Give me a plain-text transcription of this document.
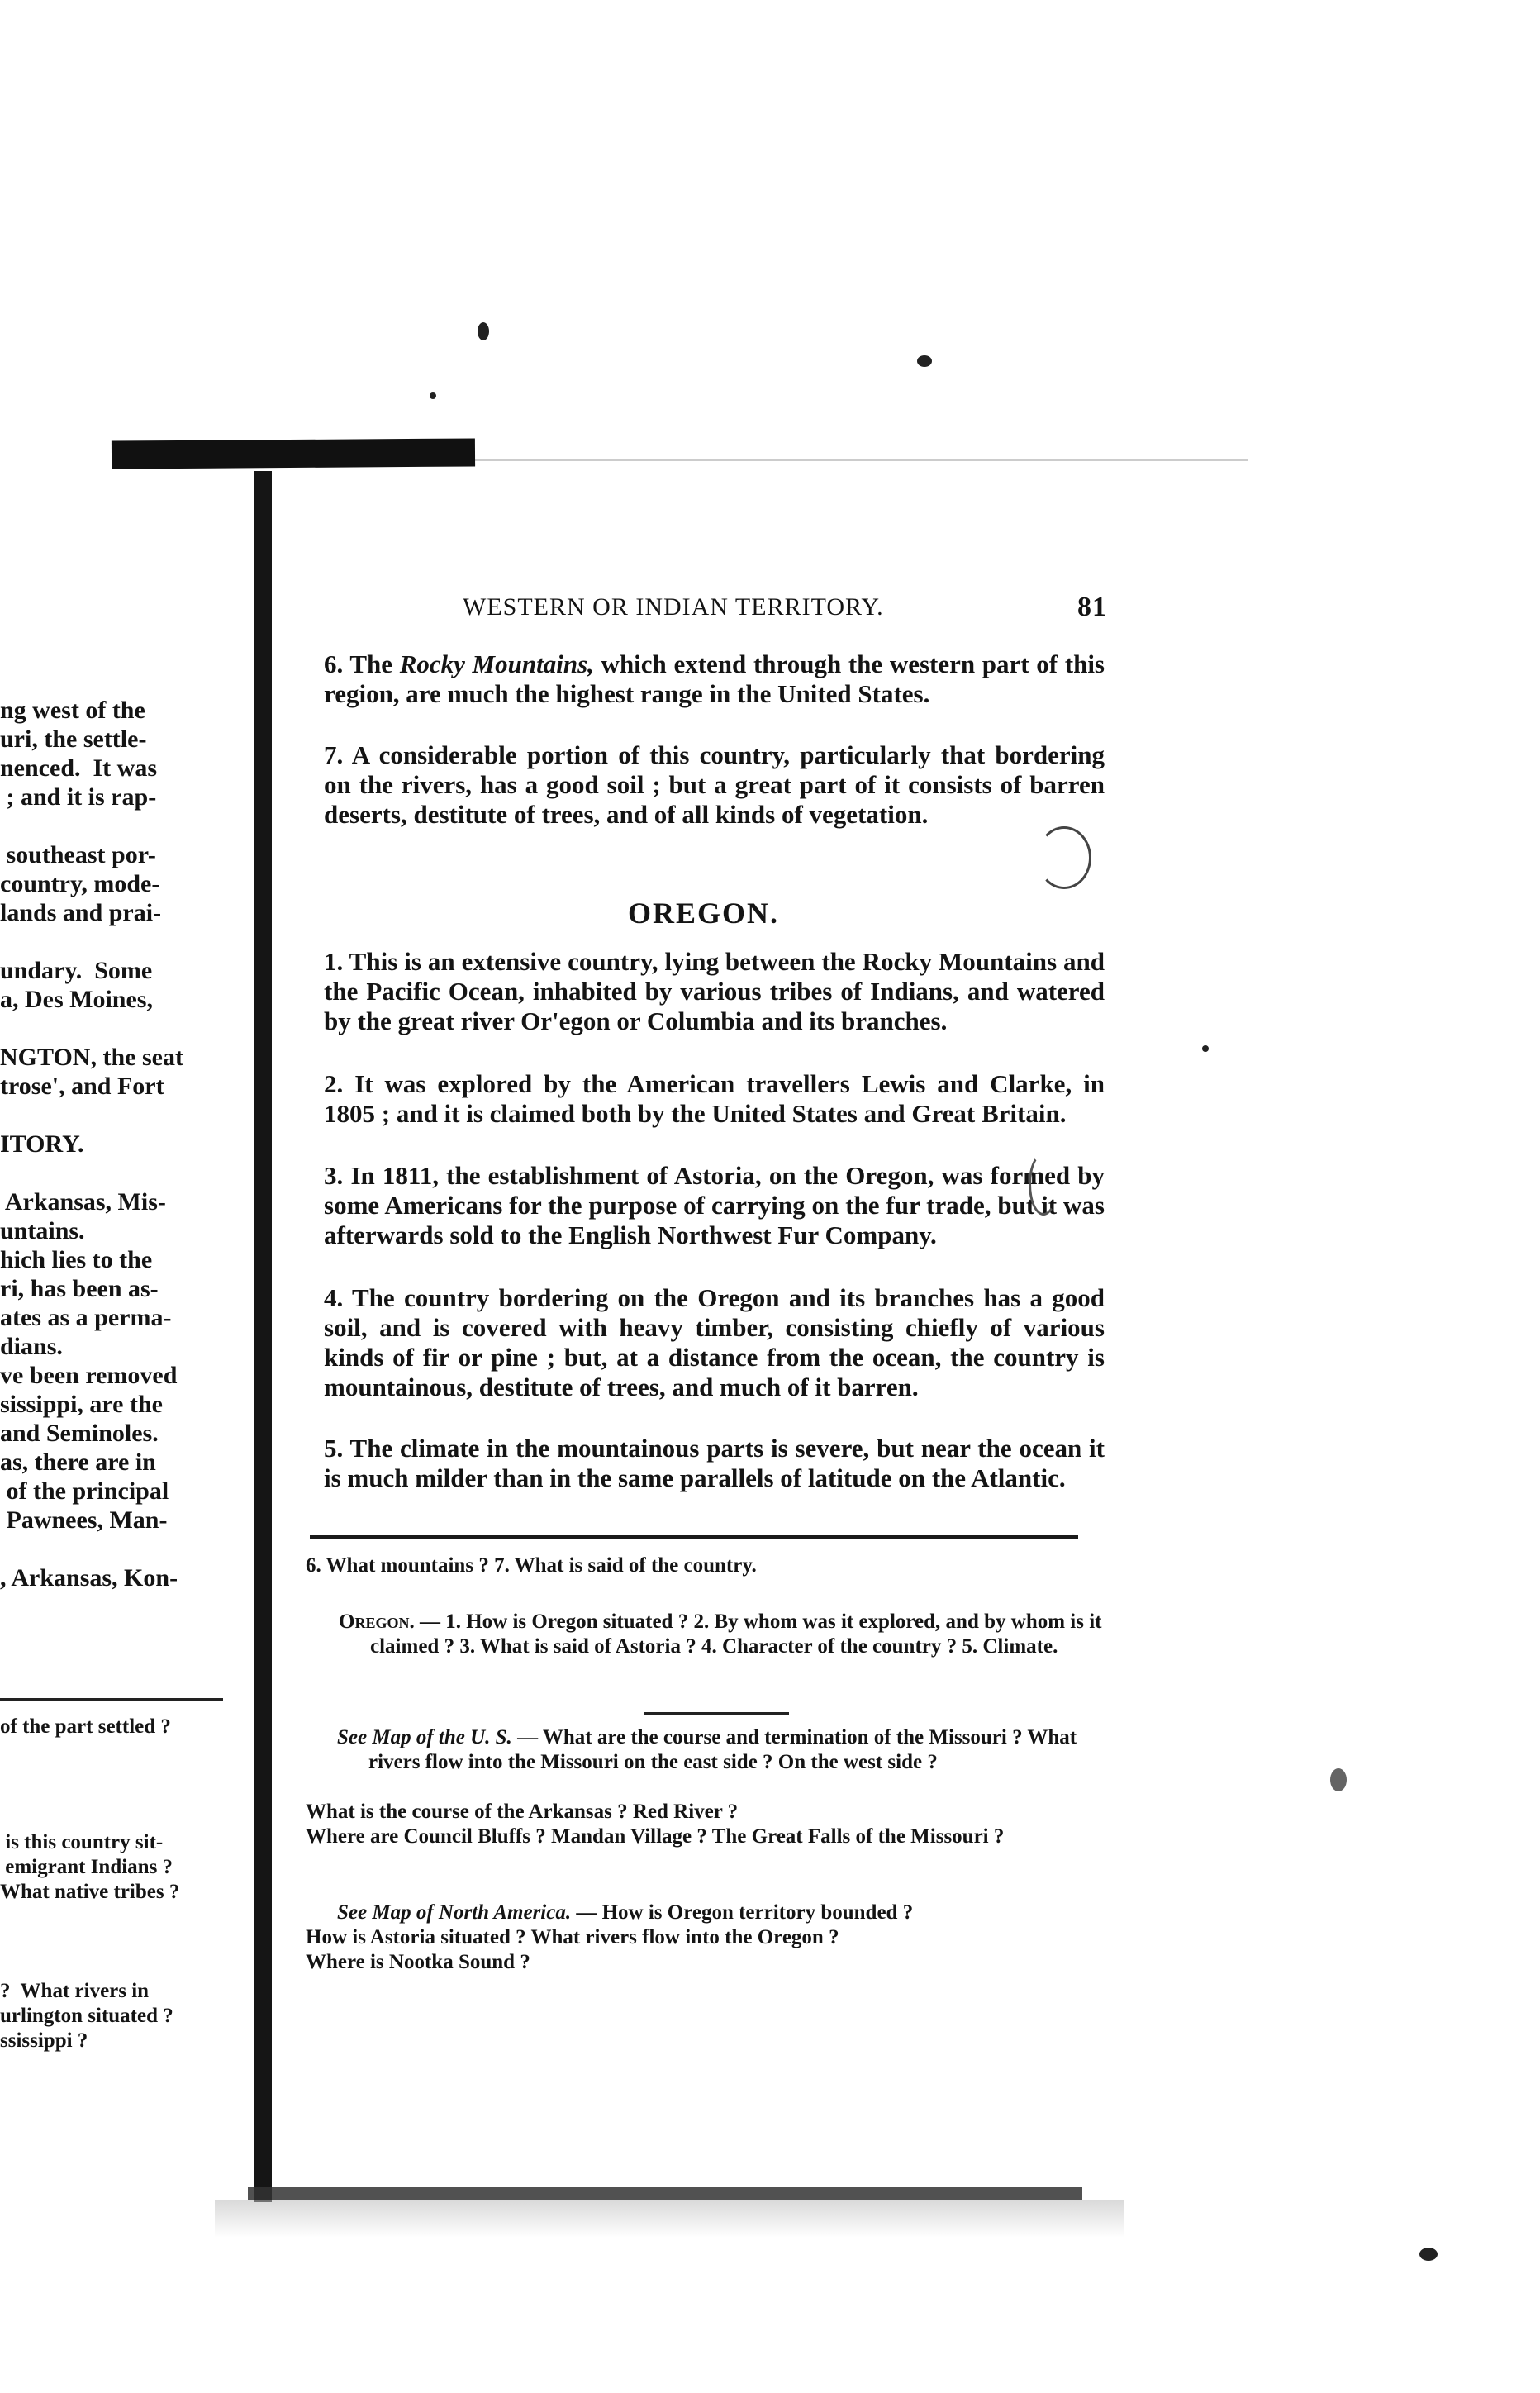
ng west of the
uri, the settle-
nenced.  It was
; and it is rap-
southeast por-
country, mode-
lands and prai-
undary.  Some
a, Des Moines,
NGTON, the seat
trose', and Fort
ITORY.
Arkansas, Mis-
untains.
hich lies to the
ri, has been as-
ates as a perma-
dians.
ve been removed
sissippi, are the
and Seminoles.
as, there are in
of the principal
Pawnees, Man-
, Arkansas, Kon-
of the part settled ?

is this country sit-
emigrant Indians ?
What native tribes ?

?  What rivers in
urlington situated ?
ssissippi ?

WESTERN OR INDIAN TERRITORY.	81
6. The Rocky Mountains, which extend through the western part of this region, are much the highest range in the United States.
7. A considerable portion of this country, particularly that bordering on the rivers, has a good soil ; but a great part of it consists of barren deserts, destitute of trees, and of all kinds of vegetation.
OREGON.
1. This is an extensive country, lying between the Rocky Mountains and the Pacific Ocean, inhabited by various tribes of Indians, and watered by the great river Or'egon or Columbia and its branches.
2. It was explored by the American travellers Lewis and Clarke, in 1805 ; and it is claimed both by the United States and Great Britain.
3. In 1811, the establishment of Astoria, on the Oregon, was formed by some Americans for the purpose of carrying on the fur trade, but it was afterwards sold to the English Northwest Fur Company.
4. The country bordering on the Oregon and its branches has a good soil, and is covered with heavy timber, consisting chiefly of various kinds of fir or pine ; but, at a distance from the ocean, the country is mountainous, destitute of trees, and much of it barren.
5. The climate in the mountainous parts is severe, but near the ocean it is much milder than in the same parallels of latitude on the Atlantic.
6. What mountains ? 7. What is said of the country.
Oregon. — 1. How is Oregon situated ? 2. By whom was it explored, and by whom is it claimed ? 3. What is said of Astoria ? 4. Character of the country ? 5. Climate.
See Map of the U. S. — What are the course and termination of the Missouri ? What rivers flow into the Missouri on the east side ? On the west side ?
What is the course of the Arkansas ? Red River ?
Where are Council Bluffs ? Mandan Village ? The Great Falls of the Missouri ?
See Map of North America. — How is Oregon territory bounded ?
How is Astoria situated ? What rivers flow into the Oregon ?
Where is Nootka Sound ?
